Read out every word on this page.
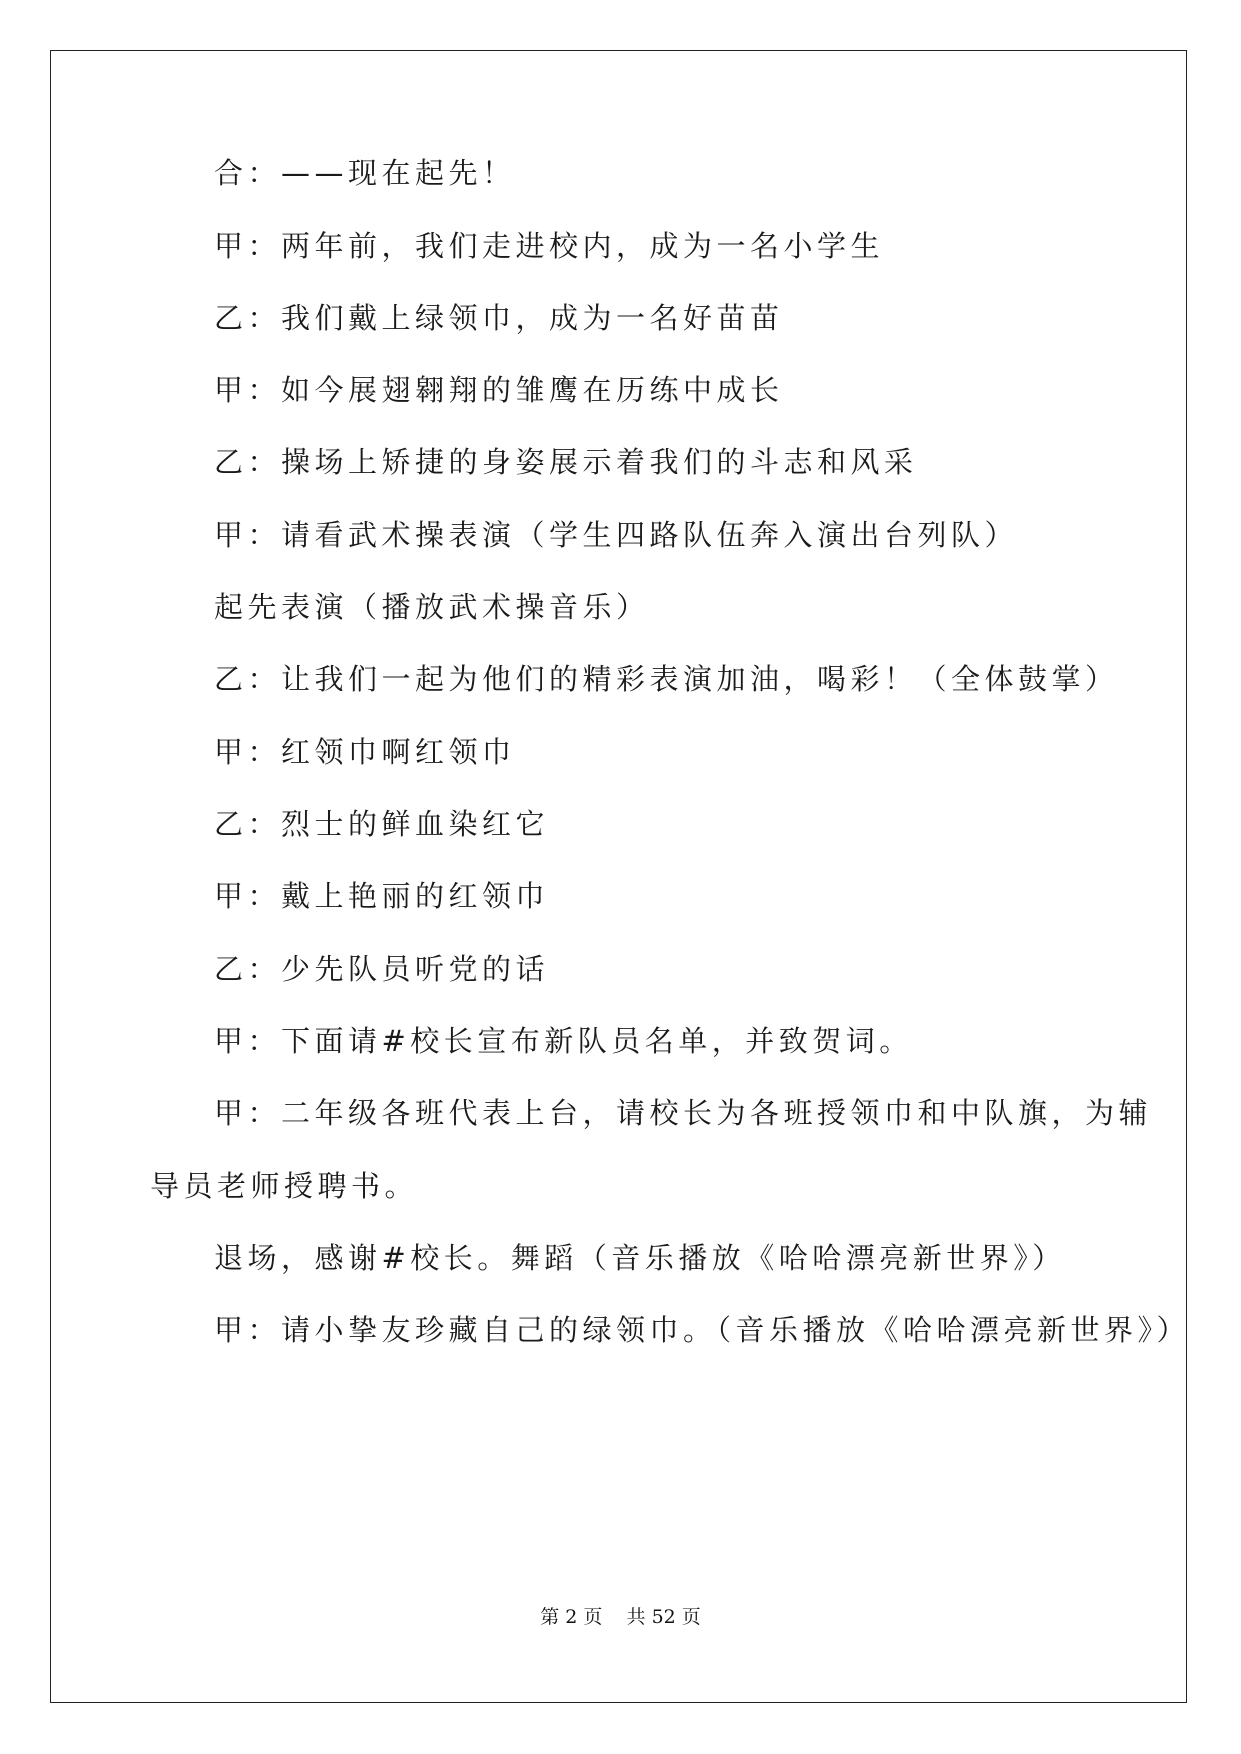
合：——现在起先！
甲：两年前，我们走进校内，成为一名小学生
乙：我们戴上绿领巾，成为一名好苗苗
甲：如今展翅翱翔的雏鹰在历练中成长
乙：操场上矫捷的身姿展示着我们的斗志和风采
甲：请看武术操表演（学生四路队伍奔入演出台列队）
起先表演（播放武术操音乐）
乙：让我们一起为他们的精彩表演加油，喝彩！（全体鼓掌）
甲：红领巾啊红领巾
乙：烈士的鲜血染红它
甲：戴上艳丽的红领巾
乙：少先队员听党的话
甲：下面请#校长宣布新队员名单，并致贺词。
甲：二年级各班代表上台，请校长为各班授领巾和中队旗，为辅
导员老师授聘书。
退场，感谢#校长。舞蹈（音乐播放《哈哈漂亮新世界》）
甲：请小挚友珍藏自己的绿领巾。（音乐播放《哈哈漂亮新世界》）
第 2 页    共 52 页
